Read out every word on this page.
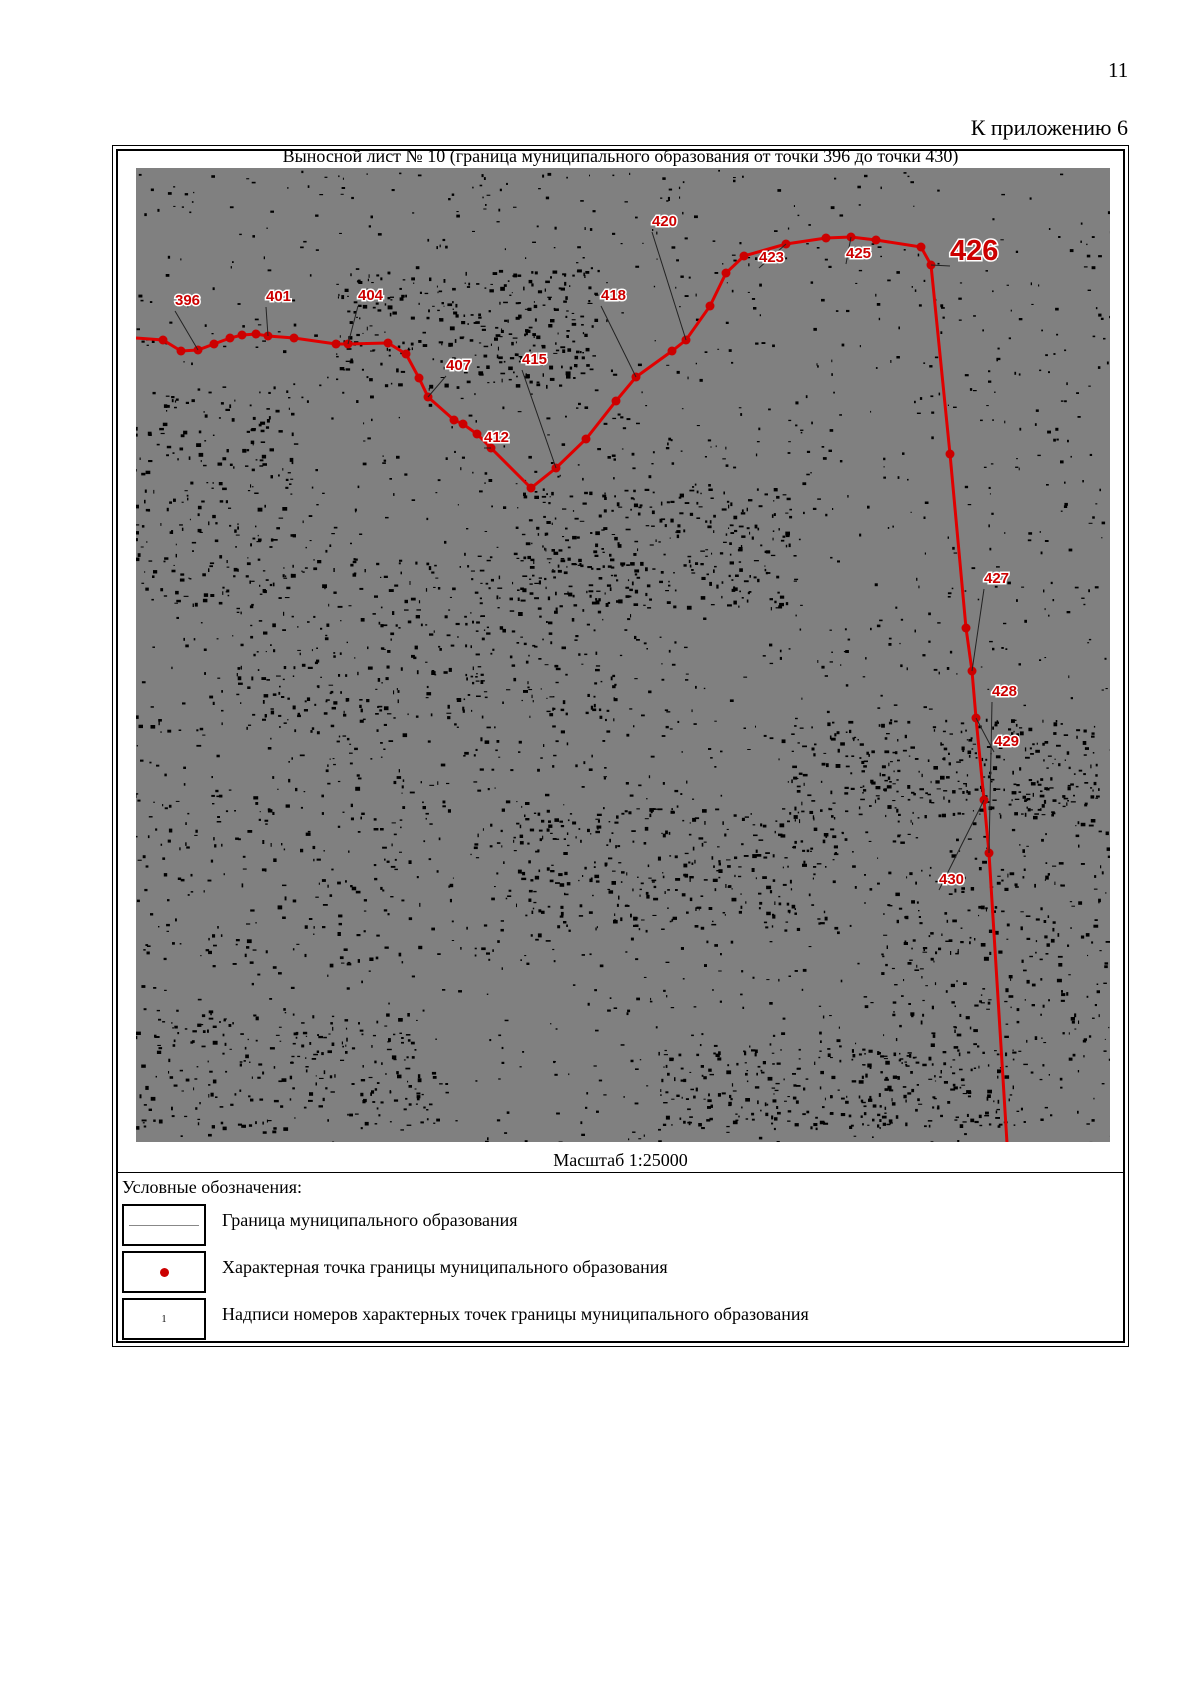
11
К приложению 6
Выносной лист № 10 (граница муниципального образования от точки 396 до точки 430)
396	401	404
407
412
415
418
420
423	425	426
427
428
429
430
Масштаб 1:25000
Условные обозначения:
Граница муниципального образования
Характерная точка границы муниципального образования
1	Надписи номеров характерных точек границы муниципального образования
